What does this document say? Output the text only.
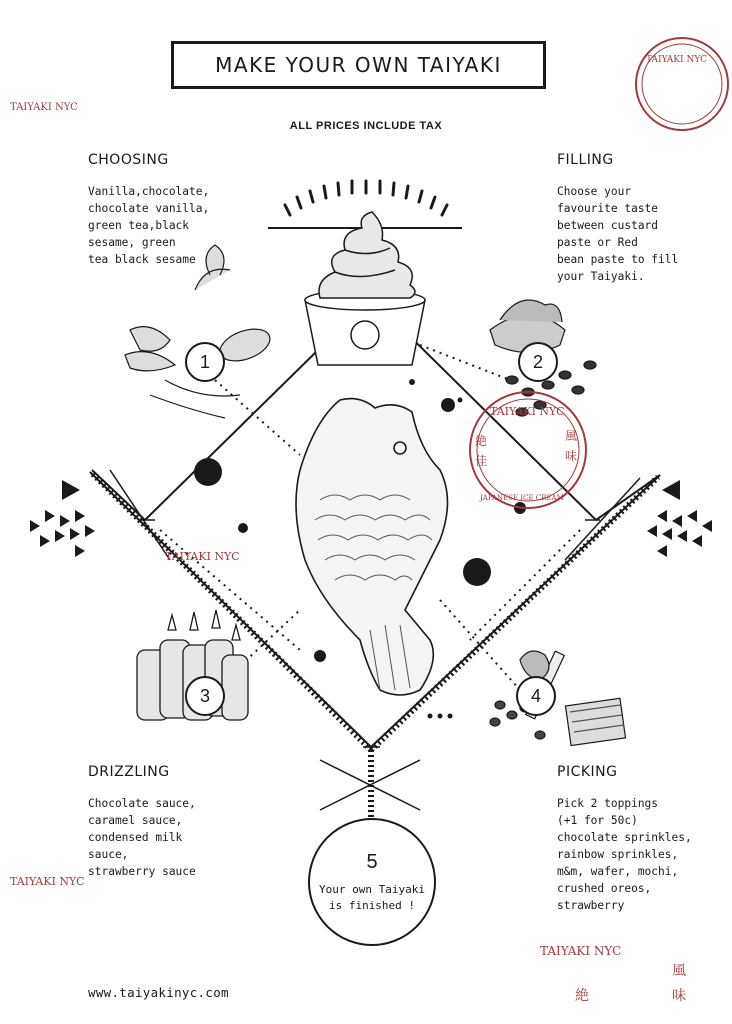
TAIYAKI NYC
TAIYAKI NYC
JAPANESE ICE CREAM
TAIYAKI NYC
TAIYAKI NYC
TAIYAKI NYC
TAIYAKI NYC
絶
佳
風
味
絶
風
味
MAKE YOUR OWN TAIYAKI
ALL PRICES INCLUDE TAX
CHOOSING
Vanilla,chocolate,
chocolate vanilla,
green tea,black
sesame, green
tea black sesame
1
FILLING
Choose your
favourite taste
between custard
paste or Red
bean paste to fill
your Taiyaki.
2
DRIZZLING
Chocolate sauce,
caramel sauce,
condensed milk
sauce,
strawberry sauce
3
PICKING
Pick 2 toppings
(+1 for 50c)
chocolate sprinkles,
rainbow sprinkles,
m&m, wafer, mochi,
crushed oreos,
strawberry
4
5
Your own Taiyaki
is finished !
www.taiyakinyc.com
